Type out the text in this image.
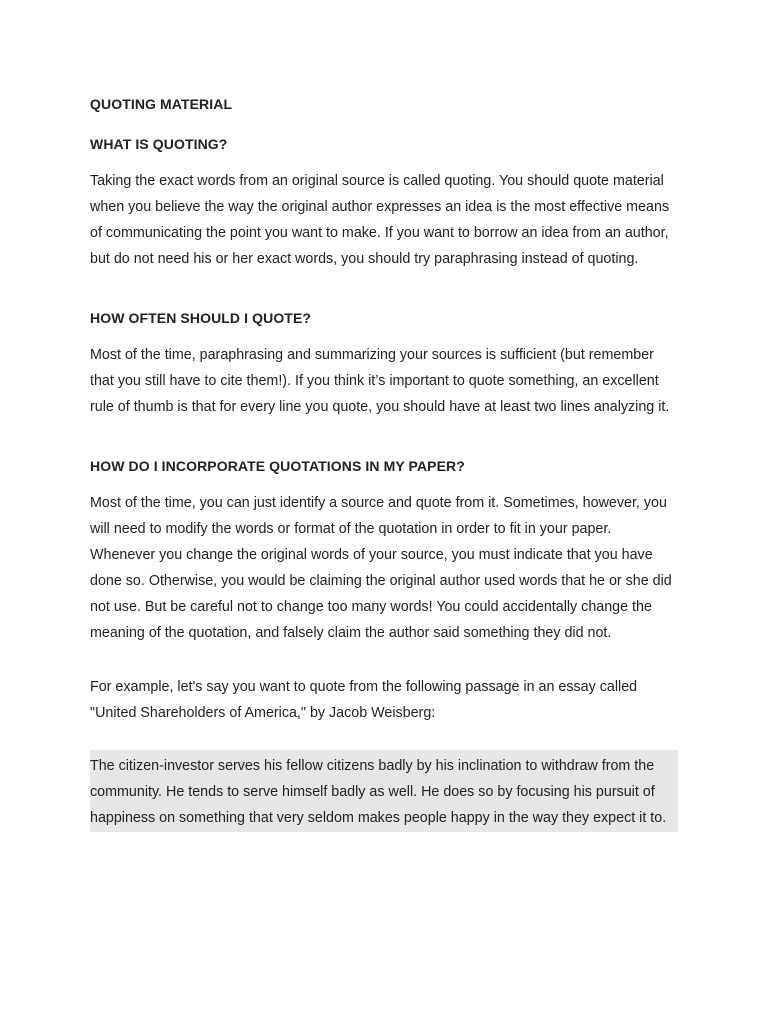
QUOTING MATERIAL
WHAT IS QUOTING?

Taking the exact words from an original source is called quoting. You should quote material when you believe the way the original author expresses an idea is the most effective means of communicating the point you want to make. If you want to borrow an idea from an author, but do not need his or her exact words, you should try paraphrasing instead of quoting.

HOW OFTEN SHOULD I QUOTE?

Most of the time, paraphrasing and summarizing your sources is sufficient (but remember that you still have to cite them!). If you think it’s important to quote something, an excellent rule of thumb is that for every line you quote, you should have at least two lines analyzing it.

HOW DO I INCORPORATE QUOTATIONS IN MY PAPER?

Most of the time, you can just identify a source and quote from it. Sometimes, however, you will need to modify the words or format of the quotation in order to fit in your paper. Whenever you change the original words of your source, you must indicate that you have done so. Otherwise, you would be claiming the original author used words that he or she did not use. But be careful not to change too many words! You could accidentally change the meaning of the quotation, and falsely claim the author said something they did not.

For example, let's say you want to quote from the following passage in an essay called "United Shareholders of America," by Jacob Weisberg:

The citizen-investor serves his fellow citizens badly by his inclination to withdraw from the community. He tends to serve himself badly as well. He does so by focusing his pursuit of happiness on something that very seldom makes people happy in the way they expect it to.
